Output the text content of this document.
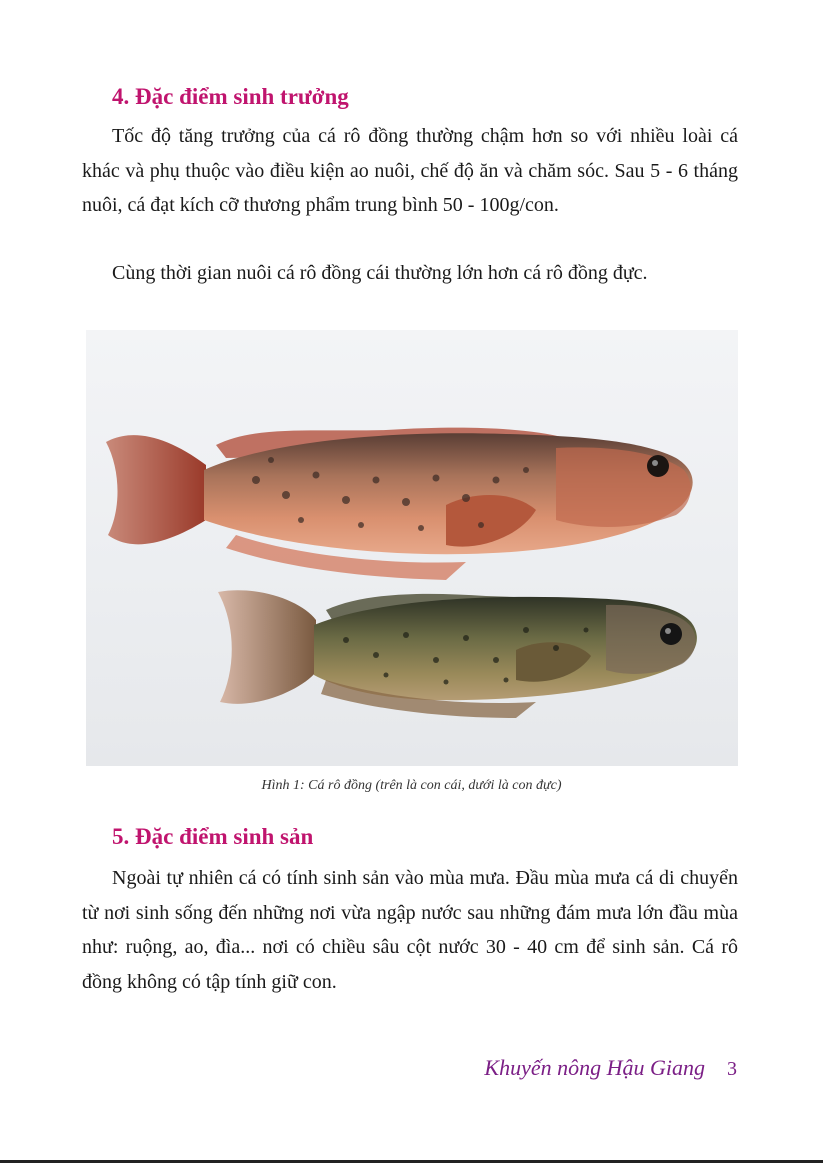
4. Đặc điểm sinh trưởng

Tốc độ tăng trưởng của cá rô đồng thường chậm hơn so với nhiều loài cá khác và phụ thuộc vào điều kiện ao nuôi, chế độ ăn và chăm sóc. Sau 5 - 6 tháng nuôi, cá đạt kích cỡ thương phẩm trung bình 50 - 100g/con.

Cùng thời gian nuôi cá rô đồng cái thường lớn hơn cá rô đồng đực.

Hình 1: Cá rô đồng (trên là con cái, dưới là con đực)
5. Đặc điểm sinh sản

Ngoài tự nhiên cá có tính sinh sản vào mùa mưa. Đầu mùa mưa cá di chuyển từ nơi sinh sống đến những nơi vừa ngập nước sau những đám mưa lớn đầu mùa như: ruộng, ao, đìa... nơi có chiều sâu cột nước 30 - 40 cm để sinh sản. Cá rô đồng không có tập tính giữ con.

Khuyến nông Hậu Giang 3
